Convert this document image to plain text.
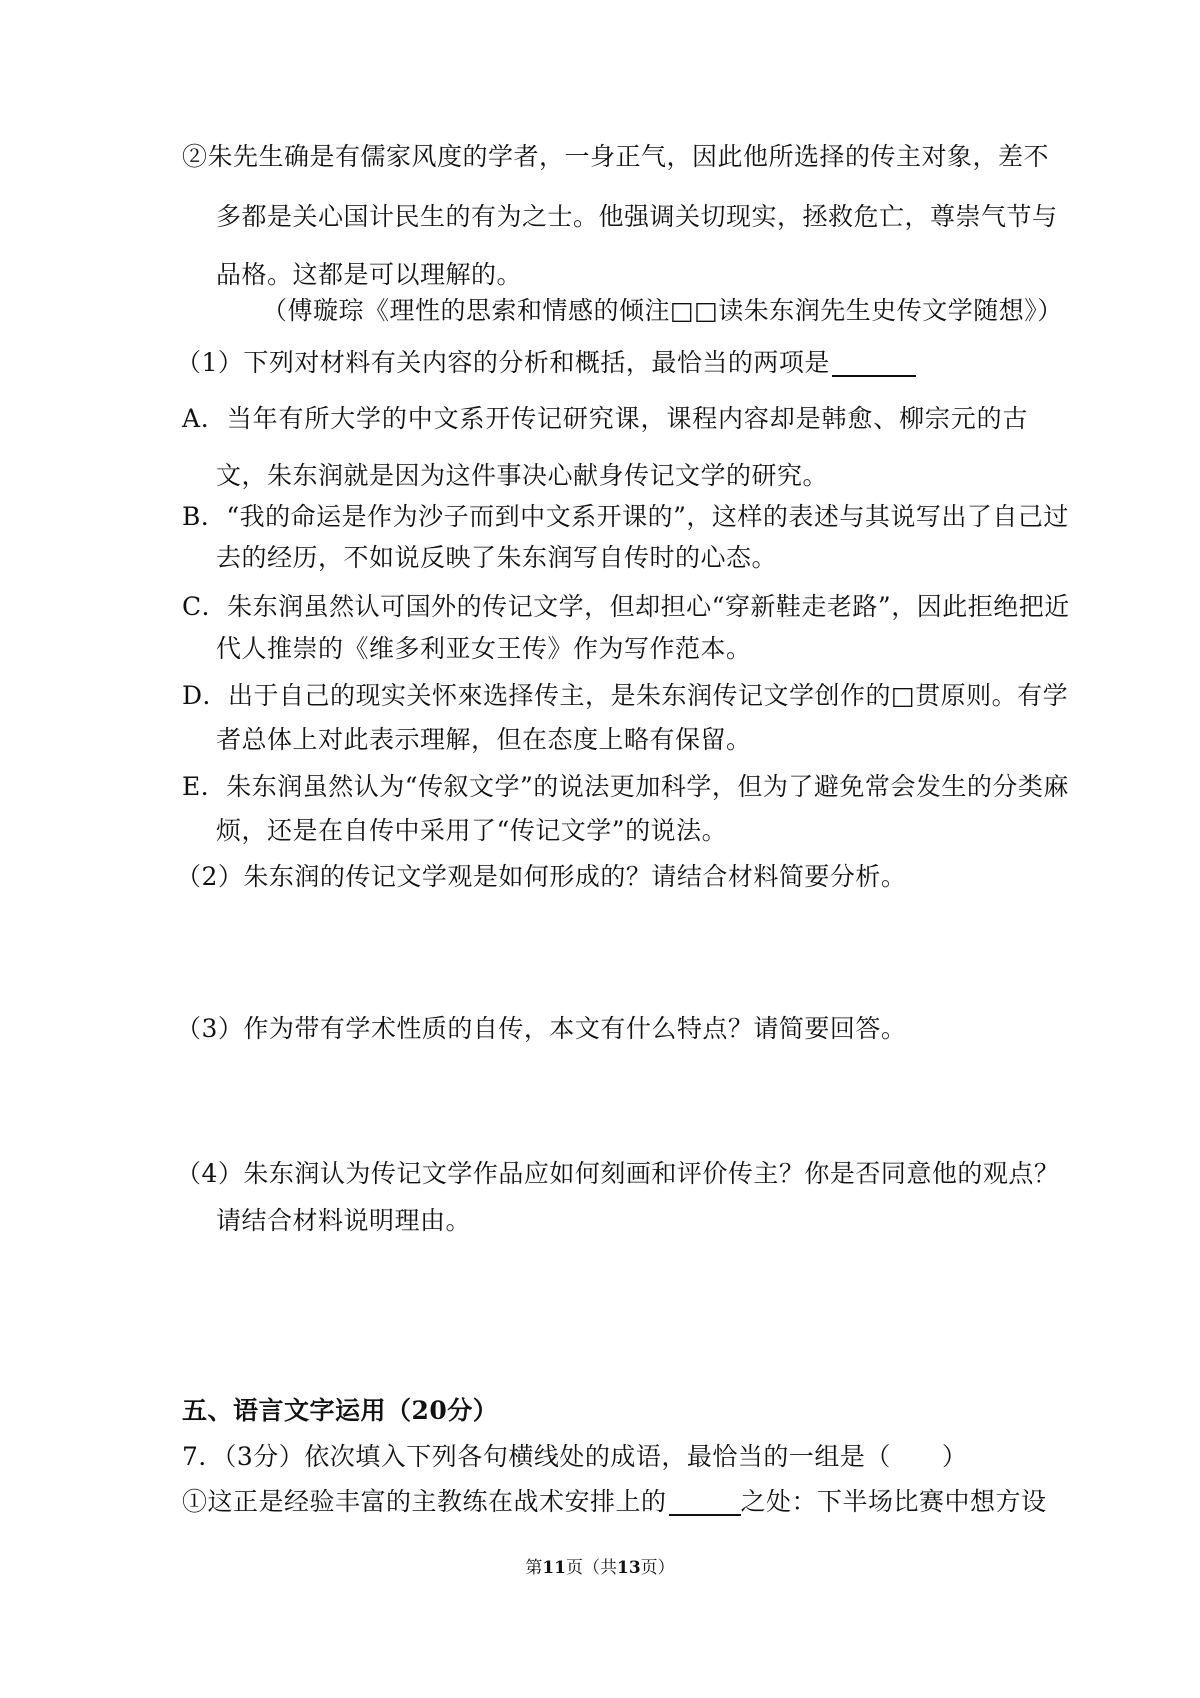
②朱先生确是有儒家风度的学者，一身正气，因此他所选择的传主对象，差不
多都是关心国计民生的有为之士。他强调关切现实，拯救危亡，尊崇气节与
品格。这都是可以理解的。
（傅璇琮《理性的思索和情感的倾注□□读朱东润先生史传文学随想》）
（1）下列对材料有关内容的分析和概括，最恰当的两项是
A．当年有所大学的中文系开传记研究课，课程内容却是韩愈、柳宗元的古
文，朱东润就是因为这件事决心献身传记文学的研究。
B．“我的命运是作为沙子而到中文系开课的”，这样的表述与其说写出了自己过
去的经历，不如说反映了朱东润写自传时的心态。
C．朱东润虽然认可国外的传记文学，但却担心“穿新鞋走老路”，因此拒绝把近
代人推崇的《维多利亚女王传》作为写作范本。
D．出于自己的现实关怀來选择传主，是朱东润传记文学创作的□贯原则。有学
者总体上对此表示理解，但在态度上略有保留。
E．朱东润虽然认为“传叙文学”的说法更加科学，但为了避免常会发生的分类麻
烦，还是在自传中采用了“传记文学”的说法。
（2）朱东润的传记文学观是如何形成的？请结合材料简要分析。
（3）作为带有学术性质的自传，本文有什么特点？请简要回答。
（4）朱东润认为传记文学作品应如何刻画和评价传主？你是否同意他的观点？
请结合材料说明理由。
五、语言文字运用（20分）
7．（3分）依次填入下列各句横线处的成语，最恰当的一组是（　　）
①这正是经验丰富的主教练在战术安排上的	之处：下半场比赛中想方设
第11页（共13页）
